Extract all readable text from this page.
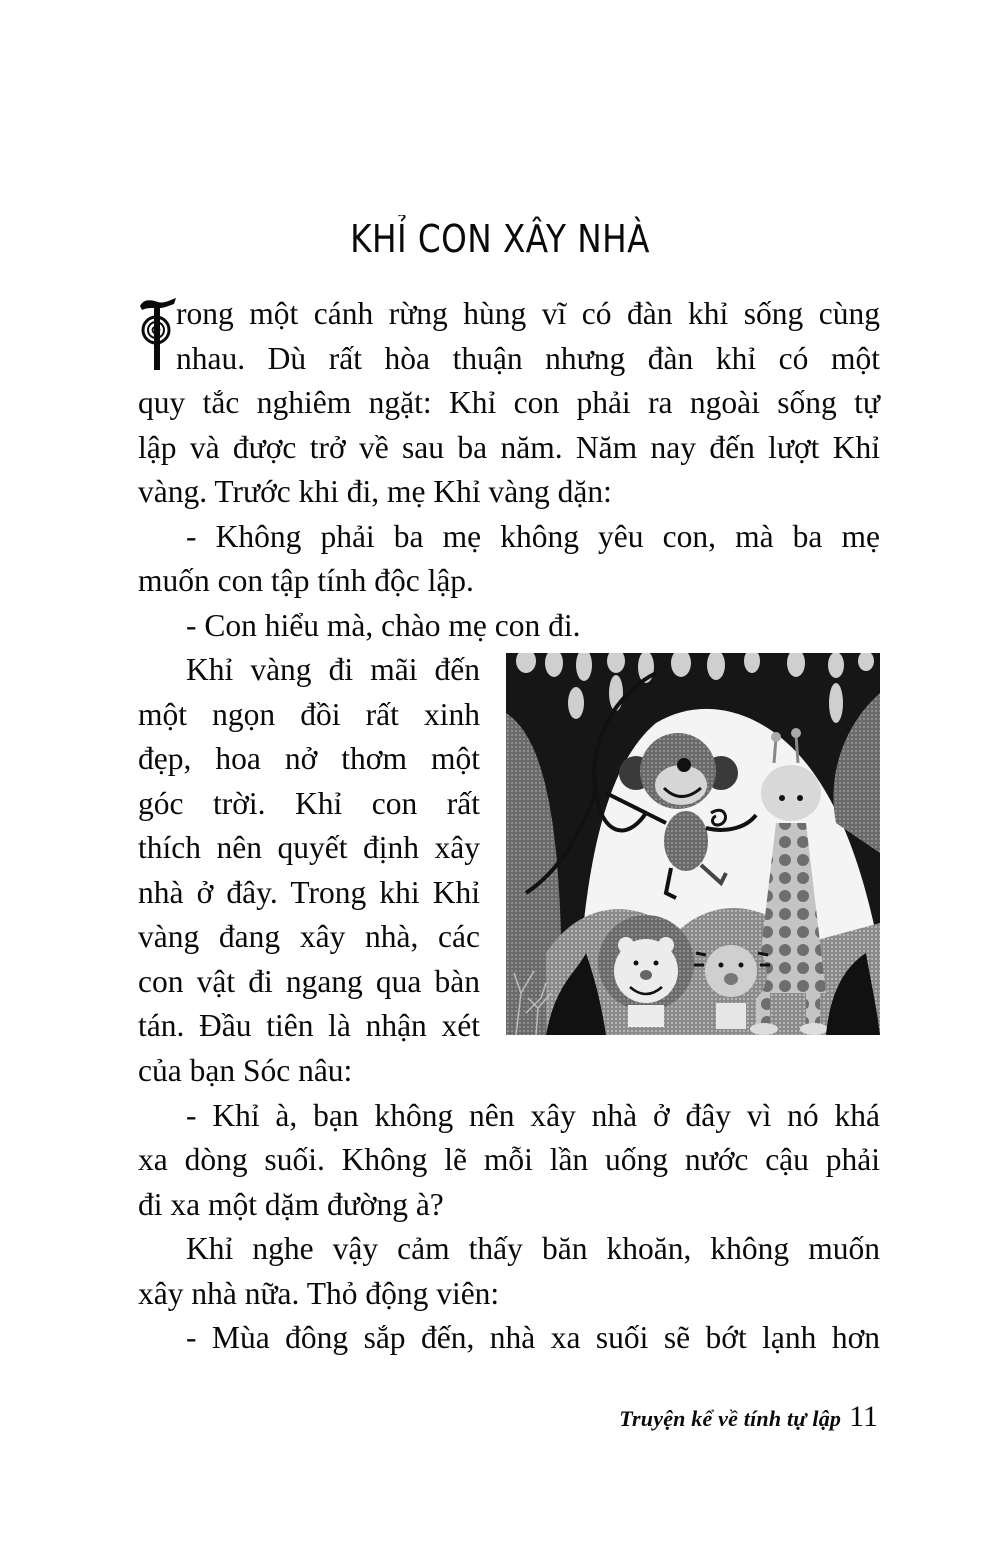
KHỈ CON XÂY NHÀ
rong một cánh rừng hùng vĩ có đàn khỉ sống cùng
nhau. Dù rất hòa thuận nhưng đàn khỉ có một
quy tắc nghiêm ngặt: Khỉ con phải ra ngoài sống tự
lập và được trở về sau ba năm. Năm nay đến lượt Khỉ
vàng. Trước khi đi, mẹ Khỉ vàng dặn:
- Không phải ba mẹ không yêu con, mà ba mẹ
muốn con tập tính độc lập.
- Con hiểu mà, chào mẹ con đi.
Khỉ vàng đi mãi đến
một ngọn đồi rất xinh
đẹp, hoa nở thơm một
góc trời. Khỉ con rất
thích nên quyết định xây
nhà ở đây. Trong khi Khỉ
vàng đang xây nhà, các
con vật đi ngang qua bàn
tán. Đầu tiên là nhận xét
của bạn Sóc nâu:
- Khỉ à, bạn không nên xây nhà ở đây vì nó khá
xa dòng suối. Không lẽ mỗi lần uống nước cậu phải
đi xa một dặm đường à?
Khỉ nghe vậy cảm thấy băn khoăn, không muốn
xây nhà nữa. Thỏ động viên:
- Mùa đông sắp đến, nhà xa suối sẽ bớt lạnh hơn
Truyện kể về tính tự lập 11
